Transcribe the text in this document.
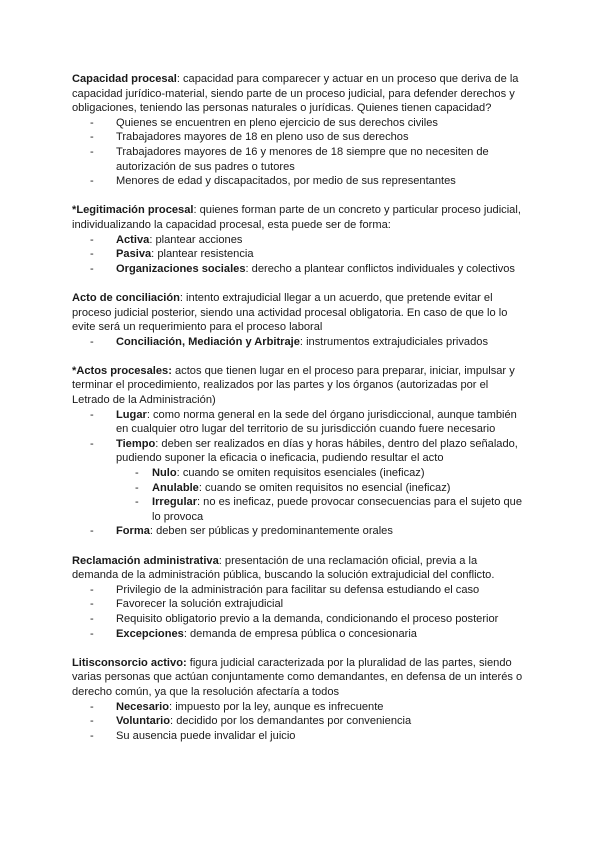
Capacidad procesal: capacidad para comparecer y actuar en un proceso que deriva de la capacidad jurídico-material, siendo parte de un proceso judicial, para defender derechos y obligaciones, teniendo las personas naturales o jurídicas. Quienes tienen capacidad?

- Quienes se encuentren en pleno ejercicio de sus derechos civiles
- Trabajadores mayores de 18 en pleno uso de sus derechos
- Trabajadores mayores de 16 y menores de 18 siempre que no necesiten de autorización de sus padres o tutores
- Menores de edad y discapacitados, por medio de sus representantes

*Legitimación procesal: quienes forman parte de un concreto y particular proceso judicial, individualizando la capacidad procesal, esta puede ser de forma:

- Activa: plantear acciones
- Pasiva: plantear resistencia
- Organizaciones sociales: derecho a plantear conflictos individuales y colectivos

Acto de conciliación: intento extrajudicial llegar a un acuerdo, que pretende evitar el proceso judicial posterior, siendo una actividad procesal obligatoria. En caso de que lo lo evite será un requerimiento para el proceso laboral

- Conciliación, Mediación y Arbitraje: instrumentos extrajudiciales privados

*Actos procesales: actos que tienen lugar en el proceso para preparar, iniciar, impulsar y terminar el procedimiento, realizados por las partes y los órganos (autorizadas por el Letrado de la Administración)

- Lugar: como norma general en la sede del órgano jurisdiccional, aunque también en cualquier otro lugar del territorio de su jurisdicción cuando fuere necesario
- Tiempo: deben ser realizados en días y horas hábiles, dentro del plazo señalado, pudiendo suponer la eficacia o ineficacia, pudiendo resultar el acto
- Nulo: cuando se omiten requisitos esenciales (ineficaz)
- Anulable: cuando se omiten requisitos no esencial (ineficaz)
- Irregular: no es ineficaz, puede provocar consecuencias para el sujeto que lo provoca
- Forma: deben ser públicas y predominantemente orales

Reclamación administrativa: presentación de una reclamación oficial, previa a la demanda de la administración pública, buscando la solución extrajudicial del conflicto.

- Privilegio de la administración para facilitar su defensa estudiando el caso
- Favorecer la solución extrajudicial
- Requisito obligatorio previo a la demanda, condicionando el proceso posterior
- Excepciones: demanda de empresa pública o concesionaria

Litisconsorcio activo: figura judicial caracterizada por la pluralidad de las partes, siendo varias personas que actúan conjuntamente como demandantes, en defensa de un interés o derecho común, ya que la resolución afectaría a todos

- Necesario: impuesto por la ley, aunque es infrecuente
- Voluntario: decidido por los demandantes por conveniencia
- Su ausencia puede invalidar el juicio
